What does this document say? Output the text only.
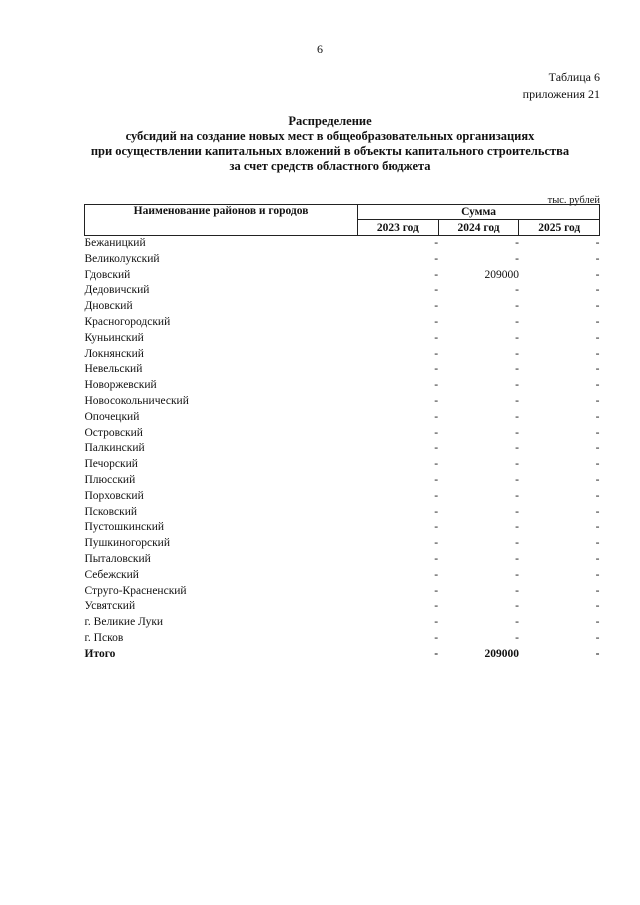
6
Таблица 6
приложения 21
Распределение
субсидий на создание новых мест в общеобразовательных организациях
при осуществлении капитальных вложений в объекты капитального строительства
за счет средств областного бюджета
тыс. рублей
Наименование районов и городов	Сумма		
	2023 год	2024 год	2025 год
Бежаницкий	-	-	-
Великолукский	-	-	-
Гдовский	-	209000	-
Дедовичский	-	-	-
Дновский	-	-	-
Красногородский	-	-	-
Куньинский	-	-	-
Локнянский	-	-	-
Невельский	-	-	-
Новоржевский	-	-	-
Новосокольнический	-	-	-
Опочецкий	-	-	-
Островский	-	-	-
Палкинский	-	-	-
Печорский	-	-	-
Плюсский	-	-	-
Порховский	-	-	-
Псковский	-	-	-
Пустошкинский	-	-	-
Пушкиногорский	-	-	-
Пыталовский	-	-	-
Себежский	-	-	-
Струго-Красненский	-	-	-
Усвятский	-	-	-
г. Великие Луки	-	-	-
г. Псков	-	-	-
Итого	-	209000	-
